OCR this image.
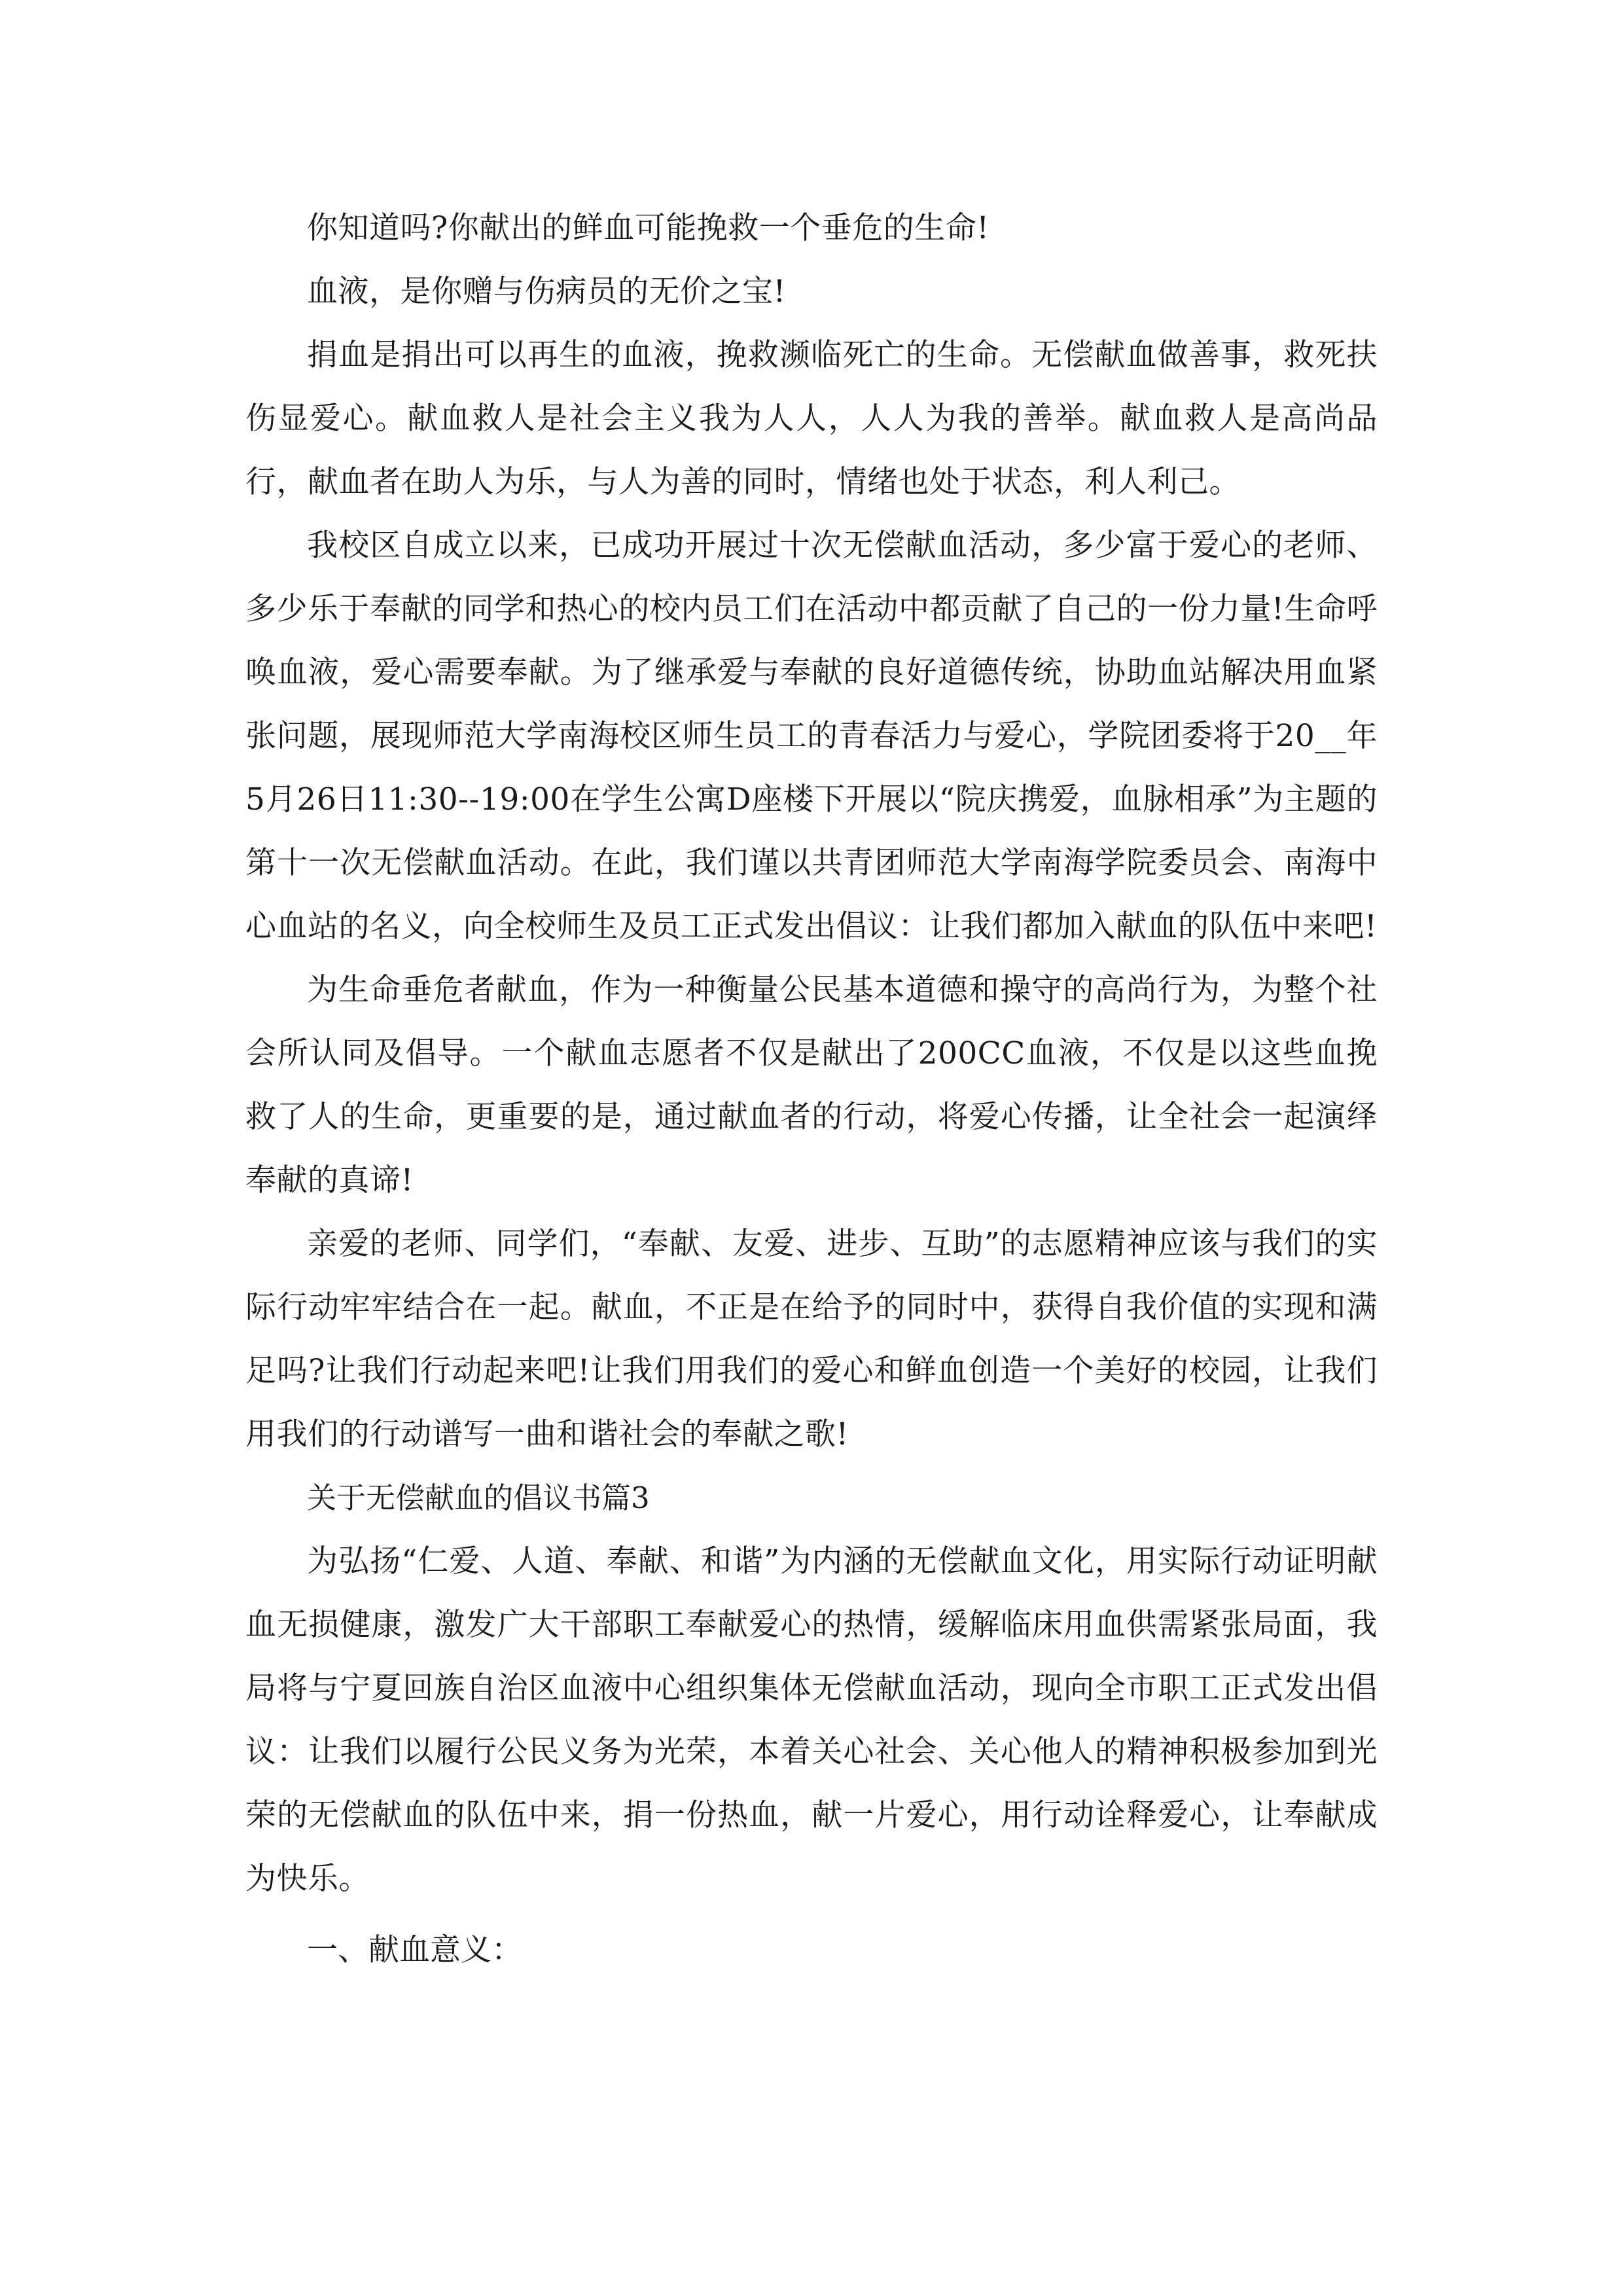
你知道吗?你献出的鲜血可能挽救一个垂危的生命!

血液，是你赠与伤病员的无价之宝!

捐血是捐出可以再生的血液，挽救濒临死亡的生命。无偿献血做善事，救死扶伤显爱心。献血救人是社会主义我为人人，人人为我的善举。献血救人是高尚品行，献血者在助人为乐，与人为善的同时，情绪也处于状态，利人利己。

我校区自成立以来，已成功开展过十次无偿献血活动，多少富于爱心的老师、多少乐于奉献的同学和热心的校内员工们在活动中都贡献了自己的一份力量!生命呼唤血液，爱心需要奉献。为了继承爱与奉献的良好道德传统，协助血站解决用血紧张问题，展现师范大学南海校区师生员工的青春活力与爱心，学院团委将于20__年5月26日11:30--19:00在学生公寓D座楼下开展以“院庆携爱，血脉相承”为主题的第十一次无偿献血活动。在此，我们谨以共青团师范大学南海学院委员会、南海中心血站的名义，向全校师生及员工正式发出倡议：让我们都加入献血的队伍中来吧!

为生命垂危者献血，作为一种衡量公民基本道德和操守的高尚行为，为整个社会所认同及倡导。一个献血志愿者不仅是献出了200CC血液，不仅是以这些血挽救了人的生命，更重要的是，通过献血者的行动，将爱心传播，让全社会一起演绎奉献的真谛!

亲爱的老师、同学们，“奉献、友爱、进步、互助”的志愿精神应该与我们的实际行动牢牢结合在一起。献血，不正是在给予的同时中，获得自我价值的实现和满足吗?让我们行动起来吧!让我们用我们的爱心和鲜血创造一个美好的校园，让我们用我们的行动谱写一曲和谐社会的奉献之歌!

关于无偿献血的倡议书篇3

为弘扬“仁爱、人道、奉献、和谐”为内涵的无偿献血文化，用实际行动证明献血无损健康，激发广大干部职工奉献爱心的热情，缓解临床用血供需紧张局面，我局将与宁夏回族自治区血液中心组织集体无偿献血活动，现向全市职工正式发出倡议：让我们以履行公民义务为光荣，本着关心社会、关心他人的精神积极参加到光荣的无偿献血的队伍中来，捐一份热血，献一片爱心，用行动诠释爱心，让奉献成为快乐。

一、献血意义：
